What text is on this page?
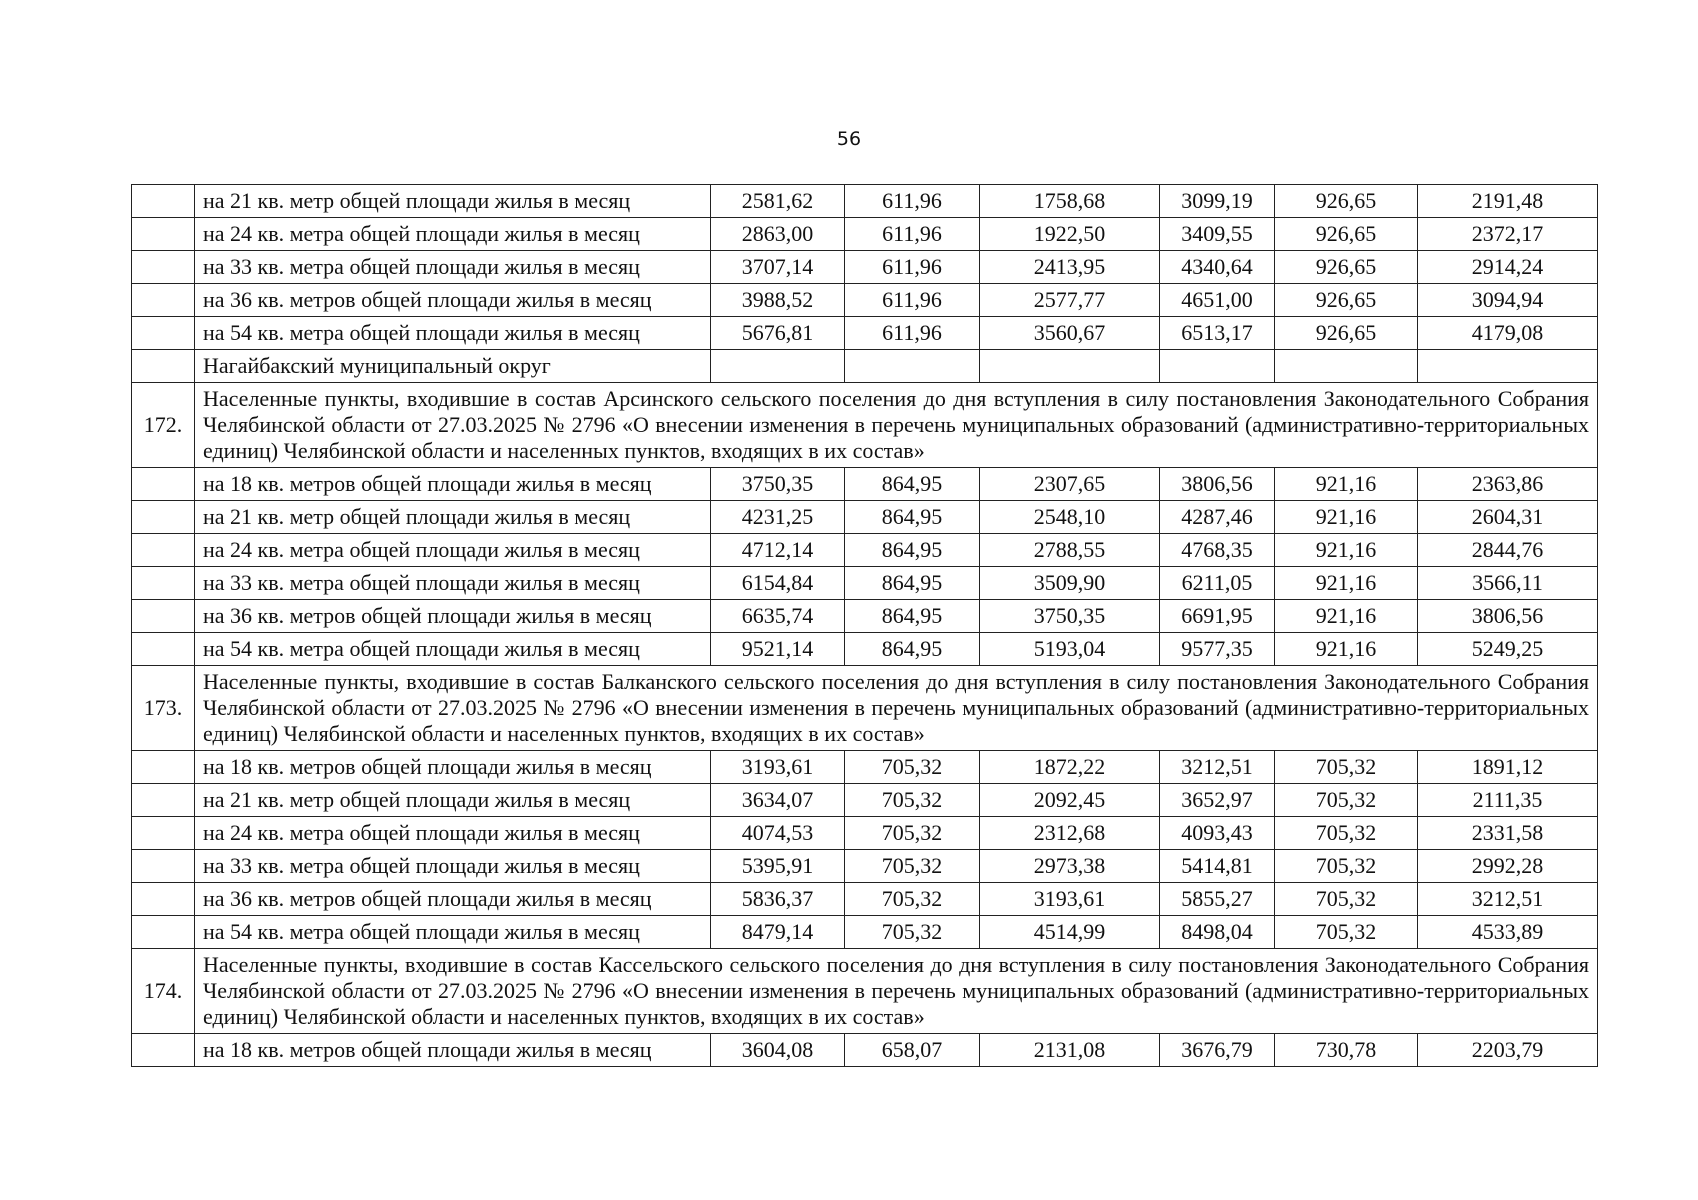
56
	на 21 кв. метр общей площади жилья в месяц	2581,62	611,96	1758,68	3099,19	926,65	2191,48
	на 24 кв. метра общей площади жилья в месяц	2863,00	611,96	1922,50	3409,55	926,65	2372,17
	на 33 кв. метра общей площади жилья в месяц	3707,14	611,96	2413,95	4340,64	926,65	2914,24
	на 36 кв. метров общей площади жилья в месяц	3988,52	611,96	2577,77	4651,00	926,65	3094,94
	на 54 кв. метра общей площади жилья в месяц	5676,81	611,96	3560,67	6513,17	926,65	4179,08
	Нагайбакский муниципальный округ						
172.	Населенные пункты, входившие в состав Арсинского сельского поселения до дня вступления в силу постановления Законодательного Собрания Челябинской области от 27.03.2025 № 2796 «О внесении изменения в перечень муниципальных образований (административно-территориальных единиц) Челябинской области и населенных пунктов, входящих в их состав»						
	на 18 кв. метров общей площади жилья в месяц	3750,35	864,95	2307,65	3806,56	921,16	2363,86
	на 21 кв. метр общей площади жилья в месяц	4231,25	864,95	2548,10	4287,46	921,16	2604,31
	на 24 кв. метра общей площади жилья в месяц	4712,14	864,95	2788,55	4768,35	921,16	2844,76
	на 33 кв. метра общей площади жилья в месяц	6154,84	864,95	3509,90	6211,05	921,16	3566,11
	на 36 кв. метров общей площади жилья в месяц	6635,74	864,95	3750,35	6691,95	921,16	3806,56
	на 54 кв. метра общей площади жилья в месяц	9521,14	864,95	5193,04	9577,35	921,16	5249,25
173.	Населенные пункты, входившие в состав Балканского сельского поселения до дня вступления в силу постановления Законодательного Собрания Челябинской области от 27.03.2025 № 2796 «О внесении изменения в перечень муниципальных образований (административно-территориальных единиц) Челябинской области и населенных пунктов, входящих в их состав»						
	на 18 кв. метров общей площади жилья в месяц	3193,61	705,32	1872,22	3212,51	705,32	1891,12
	на 21 кв. метр общей площади жилья в месяц	3634,07	705,32	2092,45	3652,97	705,32	2111,35
	на 24 кв. метра общей площади жилья в месяц	4074,53	705,32	2312,68	4093,43	705,32	2331,58
	на 33 кв. метра общей площади жилья в месяц	5395,91	705,32	2973,38	5414,81	705,32	2992,28
	на 36 кв. метров общей площади жилья в месяц	5836,37	705,32	3193,61	5855,27	705,32	3212,51
	на 54 кв. метра общей площади жилья в месяц	8479,14	705,32	4514,99	8498,04	705,32	4533,89
174.	Населенные пункты, входившие в состав Кассельского сельского поселения до дня вступления в силу постановления Законодательного Собрания Челябинской области от 27.03.2025 № 2796 «О внесении изменения в перечень муниципальных образований (административно-территориальных единиц) Челябинской области и населенных пунктов, входящих в их состав»						
	на 18 кв. метров общей площади жилья в месяц	3604,08	658,07	2131,08	3676,79	730,78	2203,79
